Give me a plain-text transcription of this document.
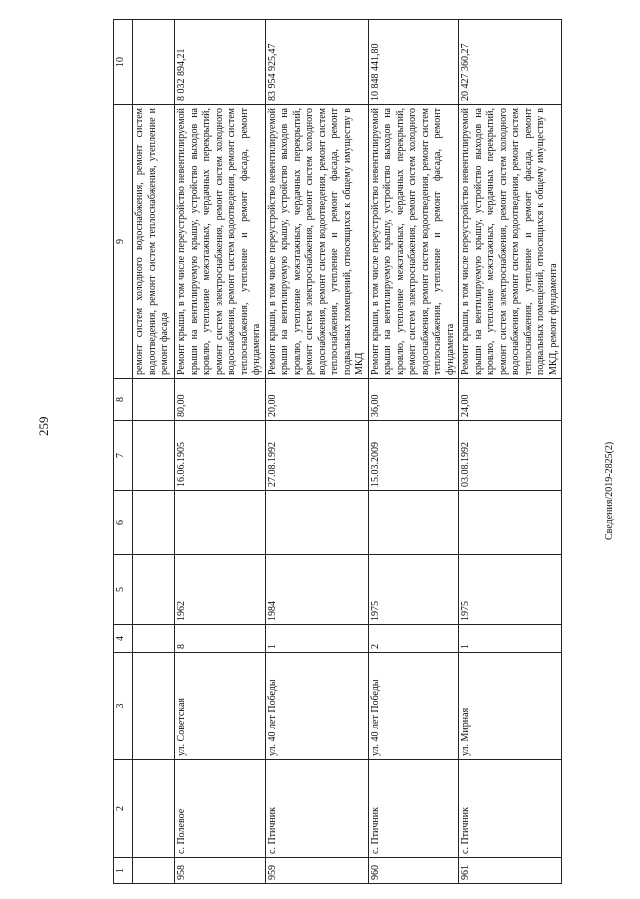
259
Сведения/2019-2825(2)
1	2	3	4	5	6	7	8	9	10
								ремонт систем холодного водоснабжения, ремонт систем водоотведения, ремонт систем теплоснабжения, утепление и ремонт фасада	
958	с. Полевое	ул. Советская	8	1962		16.06.1905	80,00	Ремонт крыши, в том числе переустройство невентилируемой крыши на вентилируемую крышу, устройство выходов на кровлю, утепление межэтажных, чердачных перекрытий, ремонт систем электроснабжения, ремонт систем холодного водоснабжения, ремонт систем водоотведения, ремонт систем теплоснабжения, утепление и ремонт фасада, ремонт фундамента	8 032 894,21
959	с. Птичник	ул. 40 лет Победы	1	1984		27.08.1992	20,00	Ремонт крыши, в том числе переустройство невентилируемой крыши на вентилируемую крышу, устройство выходов на кровлю, утепление межэтажных, чердачных перекрытий, ремонт систем электроснабжения, ремонт систем холодного водоснабжения, ремонт систем водоотведения, ремонт систем теплоснабжения, утепление и ремонт фасада, ремонт подвальных помещений, относящихся к общему имуществу в МКД	83 954 925,47
960	с. Птичник	ул. 40 лет Победы	2	1975		15.03.2009	36,00	Ремонт крыши, в том числе переустройство невентилируемой крыши на вентилируемую крышу, устройство выходов на кровлю, утепление межэтажных, чердачных перекрытий, ремонт систем электроснабжения, ремонт систем холодного водоснабжения, ремонт систем водоотведения, ремонт систем теплоснабжения, утепление и ремонт фасада, ремонт фундамента	10 848 441,80
961	с. Птичник	ул. Мирная	1	1975		03.08.1992	24,00	Ремонт крыши, в том числе переустройство невентилируемой крыши на вентилируемую крышу, устройство выходов на кровлю, утепление межэтажных, чердачных перекрытий, ремонт систем электроснабжения, ремонт систем холодного водоснабжения, ремонт систем водоотведения, ремонт систем теплоснабжения, утепление и ремонт фасада, ремонт подвальных помещений, относящихся к общему имуществу в МКД, ремонт фундамента	20 427 360,27
